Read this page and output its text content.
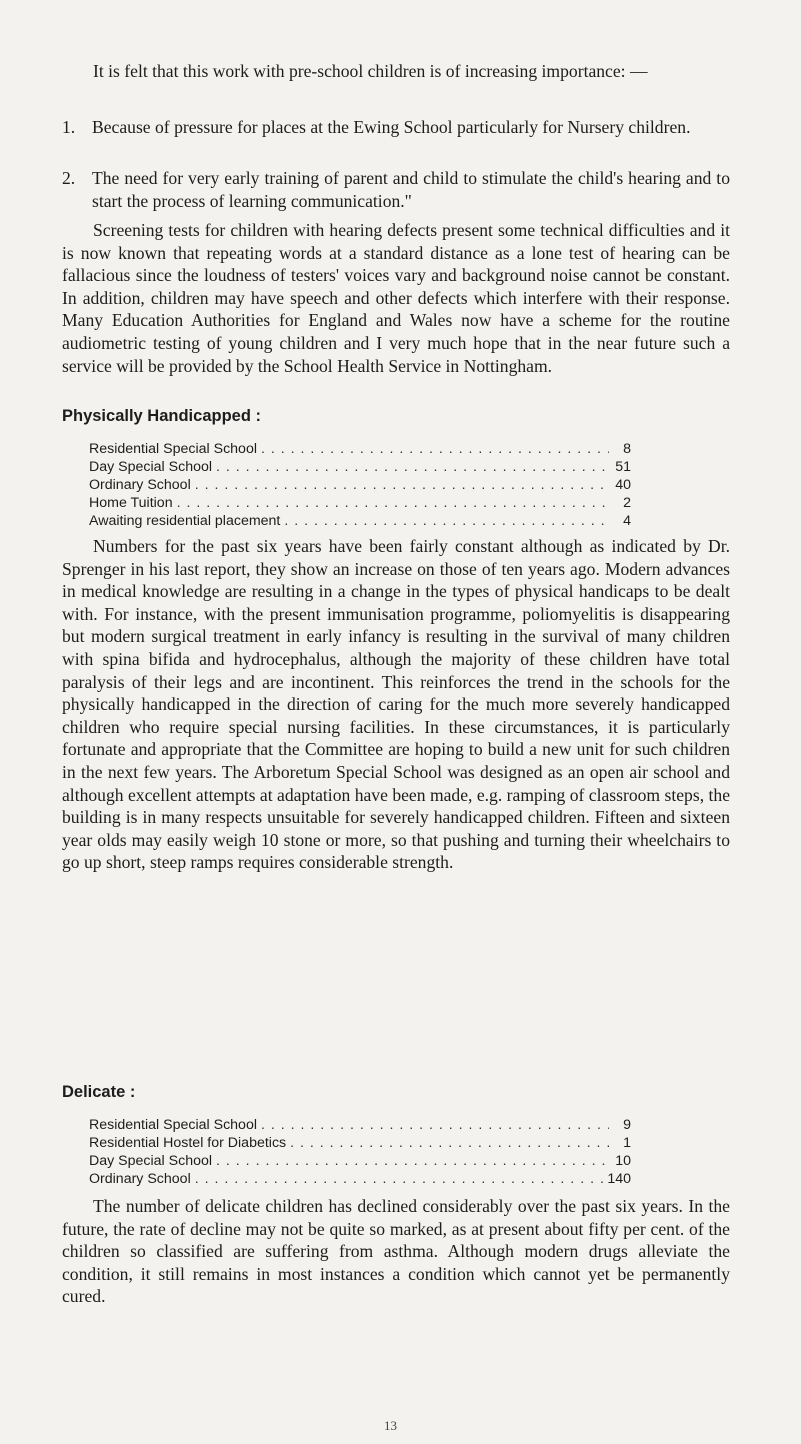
It is felt that this work with pre-school children is of increasing importance: —

1. Because of pressure for places at the Ewing School particularly for Nursery children.
2. The need for very early training of parent and child to stimulate the child's hearing and to start the process of learning communication."

Screening tests for children with hearing defects present some technical difficulties and it is now known that repeating words at a standard distance as a lone test of hearing can be fallacious since the loudness of testers' voices vary and background noise cannot be constant. In addition, children may have speech and other defects which interfere with their response. Many Education Authorities for England and Wales now have a scheme for the routine audiometric testing of young children and I very much hope that in the near future such a service will be provided by the School Health Service in Nottingham.

Physically Handicapped :
Residential Special School . . .	8
Day Special School . . .	51
Ordinary School . . .	40
Home Tuition . . .	2
Awaiting residential placement . . .	4

Numbers for the past six years have been fairly constant although as indicated by Dr. Sprenger in his last report, they show an increase on those of ten years ago. Modern advances in medical knowledge are resulting in a change in the types of physical handicaps to be dealt with. For instance, with the present immunisation programme, poliomyelitis is disappearing but modern surgical treatment in early infancy is resulting in the survival of many children with spina bifida and hydrocephalus, although the majority of these children have total paralysis of their legs and are incontinent. This reinforces the trend in the schools for the physically handicapped in the direction of caring for the much more severely handicapped children who require special nursing facilities. In these circumstances, it is particularly fortunate and appropriate that the Committee are hoping to build a new unit for such children in the next few years. The Arboretum Special School was designed as an open air school and although excellent attempts at adaptation have been made, e.g. ramping of classroom steps, the building is in many respects unsuitable for severely handicapped children. Fifteen and sixteen year olds may easily weigh 10 stone or more, so that pushing and turning their wheelchairs to go up short, steep ramps requires considerable strength.

Delicate :
Residential Special School . . .	9
Residential Hostel for Diabetics . . .	1
Day Special School . . .	10
Ordinary School . . .	140

The number of delicate children has declined considerably over the past six years. In the future, the rate of decline may not be quite so marked, as at present about fifty per cent. of the children so classified are suffering from asthma. Although modern drugs alleviate the condition, it still remains in most instances a condition which cannot yet be permanently cured.

13
